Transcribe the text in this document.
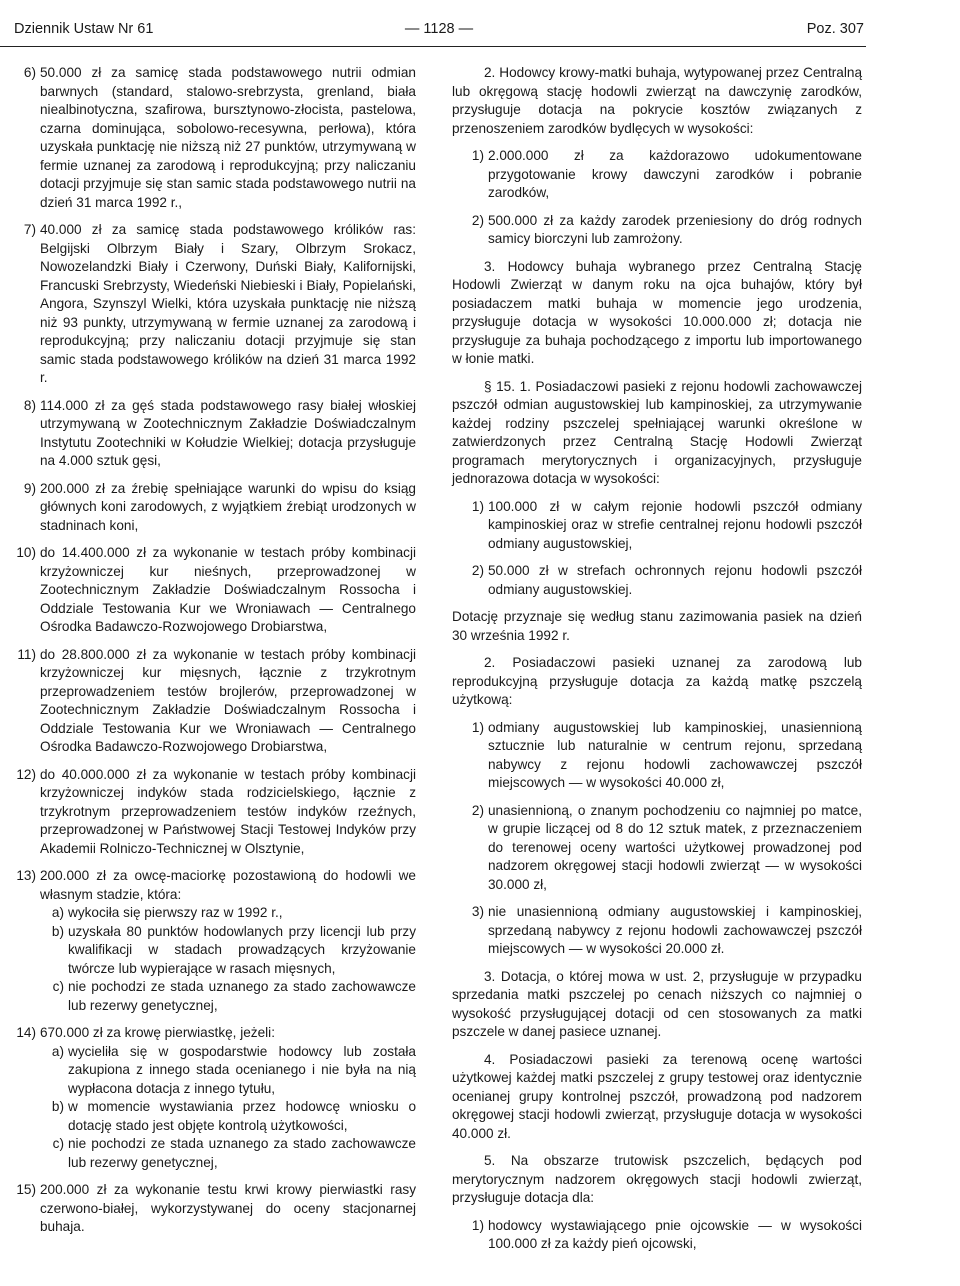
Dziennik Ustaw Nr 61	— 1128 —	Poz. 307
6) 50.000 zł za samicę stada podstawowego nutrii odmian barwnych (standard, stalowo-srebrzysta, grenland, biała niealbinotyczna, szafirowa, bursztynowo-złocista, pastelowa, czarna dominująca, sobolowo-recesywna, perłowa), która uzyskała punktację nie niższą niż 27 punktów, utrzymywaną w fermie uznanej za zarodową i reprodukcyjną; przy naliczaniu dotacji przyjmuje się stan samic stada podstawowego nutrii na dzień 31 marca 1992 r.,
7) 40.000 zł za samicę stada podstawowego królików ras: Belgijski Olbrzym Biały i Szary, Olbrzym Srokacz, Nowozelandzki Biały i Czerwony, Duński Biały, Kalifornijski, Francuski Srebrzysty, Wiedeński Niebieski i Biały, Popielański, Angora, Szynszyl Wielki, która uzyskała punktację nie niższą niż 93 punkty, utrzymywaną w fermie uznanej za zarodową i reprodukcyjną; przy naliczaniu dotacji przyjmuje się stan samic stada podstawowego królików na dzień 31 marca 1992 r.
8) 114.000 zł za gęś stada podstawowego rasy białej włoskiej utrzymywaną w Zootechnicznym Zakładzie Doświadczalnym Instytutu Zootechniki w Kołudzie Wielkiej; dotacja przysługuje na 4.000 sztuk gęsi,
9) 200.000 zł za źrebię spełniające warunki do wpisu do ksiąg głównych koni zarodowych, z wyjątkiem źrebiąt urodzonych w stadninach koni,
10) do 14.400.000 zł za wykonanie w testach próby kombinacji krzyżowniczej kur nieśnych, przeprowadzonej w Zootechnicznym Zakładzie Doświadczalnym Rossocha i Oddziale Testowania Kur we Wroniawach — Centralnego Ośrodka Badawczo-Rozwojowego Drobiarstwa,
11) do 28.800.000 zł za wykonanie w testach próby kombinacji krzyżowniczej kur mięsnych, łącznie z trzykrotnym przeprowadzeniem testów brojlerów, przeprowadzonej w Zootechnicznym Zakładzie Doświadczalnym Rossocha i Oddziale Testowania Kur we Wroniawach — Centralnego Ośrodka Badawczo-Rozwojowego Drobiarstwa,
12) do 40.000.000 zł za wykonanie w testach próby kombinacji krzyżowniczej indyków stada rodzicielskiego, łącznie z trzykrotnym przeprowadzeniem testów indyków rzeźnych, przeprowadzonej w Państwowej Stacji Testowej Indyków przy Akademii Rolniczo-Technicznej w Olsztynie,
13) 200.000 zł za owcę-maciorkę pozostawioną do hodowli we własnym stadzie, która:
a) wykociła się pierwszy raz w 1992 r.,
b) uzyskała 80 punktów hodowlanych przy licencji lub przy kwalifikacji w stadach prowadzących krzyżowanie twórcze lub wypierające w rasach mięsnych,
c) nie pochodzi ze stada uznanego za stado zachowawcze lub rezerwy genetycznej,
14) 670.000 zł za krowę pierwiastkę, jeżeli:
a) wycieliła się w gospodarstwie hodowcy lub została zakupiona z innego stada ocenianego i nie była na nią wypłacona dotacja z innego tytułu,
b) w momencie wystawiania przez hodowcę wniosku o dotację stado jest objęte kontrolą użytkowości,
c) nie pochodzi ze stada uznanego za stado zachowawcze lub rezerwy genetycznej,
15) 200.000 zł za wykonanie testu krwi krowy pierwiastki rasy czerwono-białej, wykorzystywanej do oceny stacjonarnej buhaja.

2. Hodowcy krowy-matki buhaja, wytypowanej przez Centralną lub okręgową stację hodowli zwierząt na dawczynię zarodków, przysługuje dotacja na pokrycie kosztów związanych z przenoszeniem zarodków bydlęcych w wysokości:

1) 2.000.000 zł za każdorazowo udokumentowane przygotowanie krowy dawczyni zarodków i pobranie zarodków,
2) 500.000 zł za każdy zarodek przeniesiony do dróg rodnych samicy biorczyni lub zamrożony.

3. Hodowcy buhaja wybranego przez Centralną Stację Hodowli Zwierząt w danym roku na ojca buhajów, który był posiadaczem matki buhaja w momencie jego urodzenia, przysługuje dotacja w wysokości 10.000.000 zł; dotacja nie przysługuje za buhaja pochodzącego z importu lub importowanego w łonie matki.

§ 15. 1. Posiadaczowi pasieki z rejonu hodowli zachowawczej pszczół odmian augustowskiej lub kampinoskiej, za utrzymywanie każdej rodziny pszczelej spełniającej warunki określone w zatwierdzonych przez Centralną Stację Hodowli Zwierząt programach merytorycznych i organizacyjnych, przysługuje jednorazowa dotacja w wysokości:

1) 100.000 zł w całym rejonie hodowli pszczół odmiany kampinoskiej oraz w strefie centralnej rejonu hodowli pszczół odmiany augustowskiej,
2) 50.000 zł w strefach ochronnych rejonu hodowli pszczół odmiany augustowskiej.

Dotację przyznaje się według stanu zazimowania pasiek na dzień 30 września 1992 r.

2. Posiadaczowi pasieki uznanej za zarodową lub reprodukcyjną przysługuje dotacja za każdą matkę pszczelą użytkową:

1) odmiany augustowskiej lub kampinoskiej, unasiennioną sztucznie lub naturalnie w centrum rejonu, sprzedaną nabywcy z rejonu hodowli zachowawczej pszczół miejscowych — w wysokości 40.000 zł,
2) unasiennioną, o znanym pochodzeniu co najmniej po matce, w grupie liczącej od 8 do 12 sztuk matek, z przeznaczeniem do terenowej oceny wartości użytkowej prowadzonej pod nadzorem okręgowej stacji hodowli zwierząt — w wysokości 30.000 zł,
3) nie unasiennioną odmiany augustowskiej i kampinoskiej, sprzedaną nabywcy z rejonu hodowli zachowawczej pszczół miejscowych — w wysokości 20.000 zł.

3. Dotacja, o której mowa w ust. 2, przysługuje w przypadku sprzedania matki pszczelej po cenach niższych co najmniej o wysokość przysługującej dotacji od cen stosowanych za matki pszczele w danej pasiece uznanej.

4. Posiadaczowi pasieki za terenową ocenę wartości użytkowej każdej matki pszczelej z grupy testowej oraz identycznie ocenianej grupy kontrolnej pszczół, prowadzoną pod nadzorem okręgowej stacji hodowli zwierząt, przysługuje dotacja w wysokości 40.000 zł.

5. Na obszarze trutowisk pszczelich, będących pod merytorycznym nadzorem okręgowych stacji hodowli zwierząt, przysługuje dotacja dla:

1) hodowcy wystawiającego pnie ojcowskie — w wysokości 100.000 zł za każdy pień ojcowski,
